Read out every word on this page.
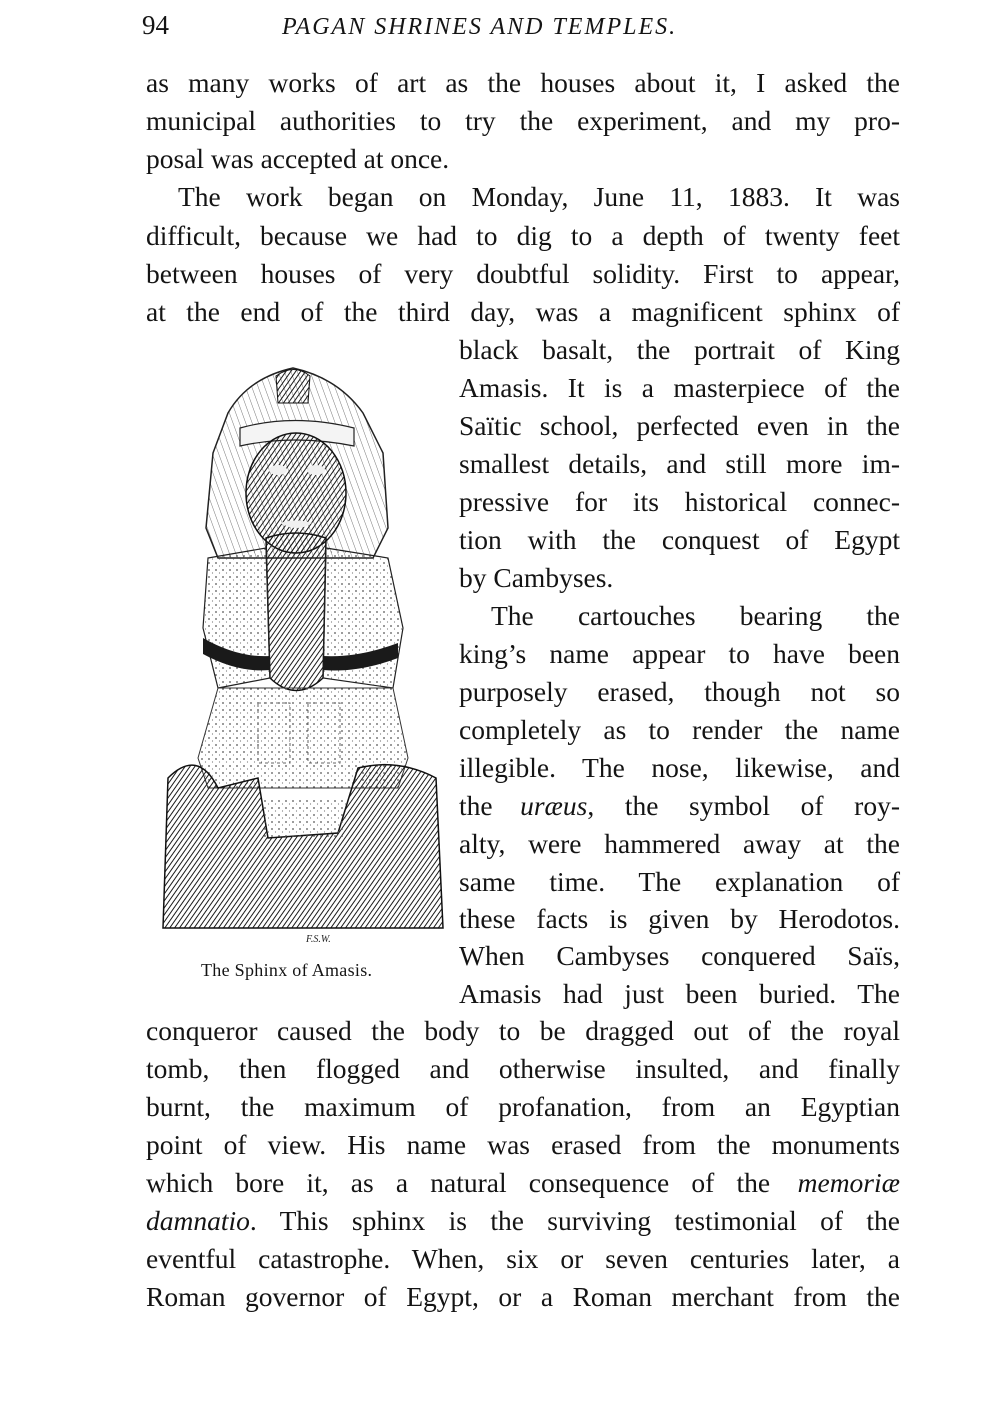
94	PAGAN SHRINES AND TEMPLES.
as many works of art as the houses about it, I asked the
municipal authorities to try the experiment, and my pro-
posal was accepted at once.
The work began on Monday, June 11, 1883. It was
difficult, because we had to dig to a depth of twenty feet
between houses of very doubtful solidity. First to appear,
at the end of the third day, was a magnificent sphinx of
black basalt, the portrait of King
Amasis. It is a masterpiece of the
Saïtic school, perfected even in the
smallest details, and still more im-
pressive for its historical connec-
tion with the conquest of Egypt
by Cambyses.
The cartouches bearing the
king’s name appear to have been
purposely erased, though not so
completely as to render the name
illegible. The nose, likewise, and
the  uræus, the symbol of roy-
alty, were hammered away at the
same time. The explanation of
these facts is given by Herodotos.
When Cambyses conquered Saïs,
Amasis had just been buried. The
conqueror caused the body to be dragged out of the royal
tomb, then flogged and otherwise insulted, and finally
burnt, the maximum of profanation, from an Egyptian
point of view. His name was erased from the monuments
which bore it, as a natural consequence of the  memoriæ
damnatio. This sphinx is the surviving testimonial of the
eventful catastrophe. When, six or seven centuries later, a
Roman governor of Egypt, or a Roman merchant from the
F.S.W.
The Sphinx of Amasis.
